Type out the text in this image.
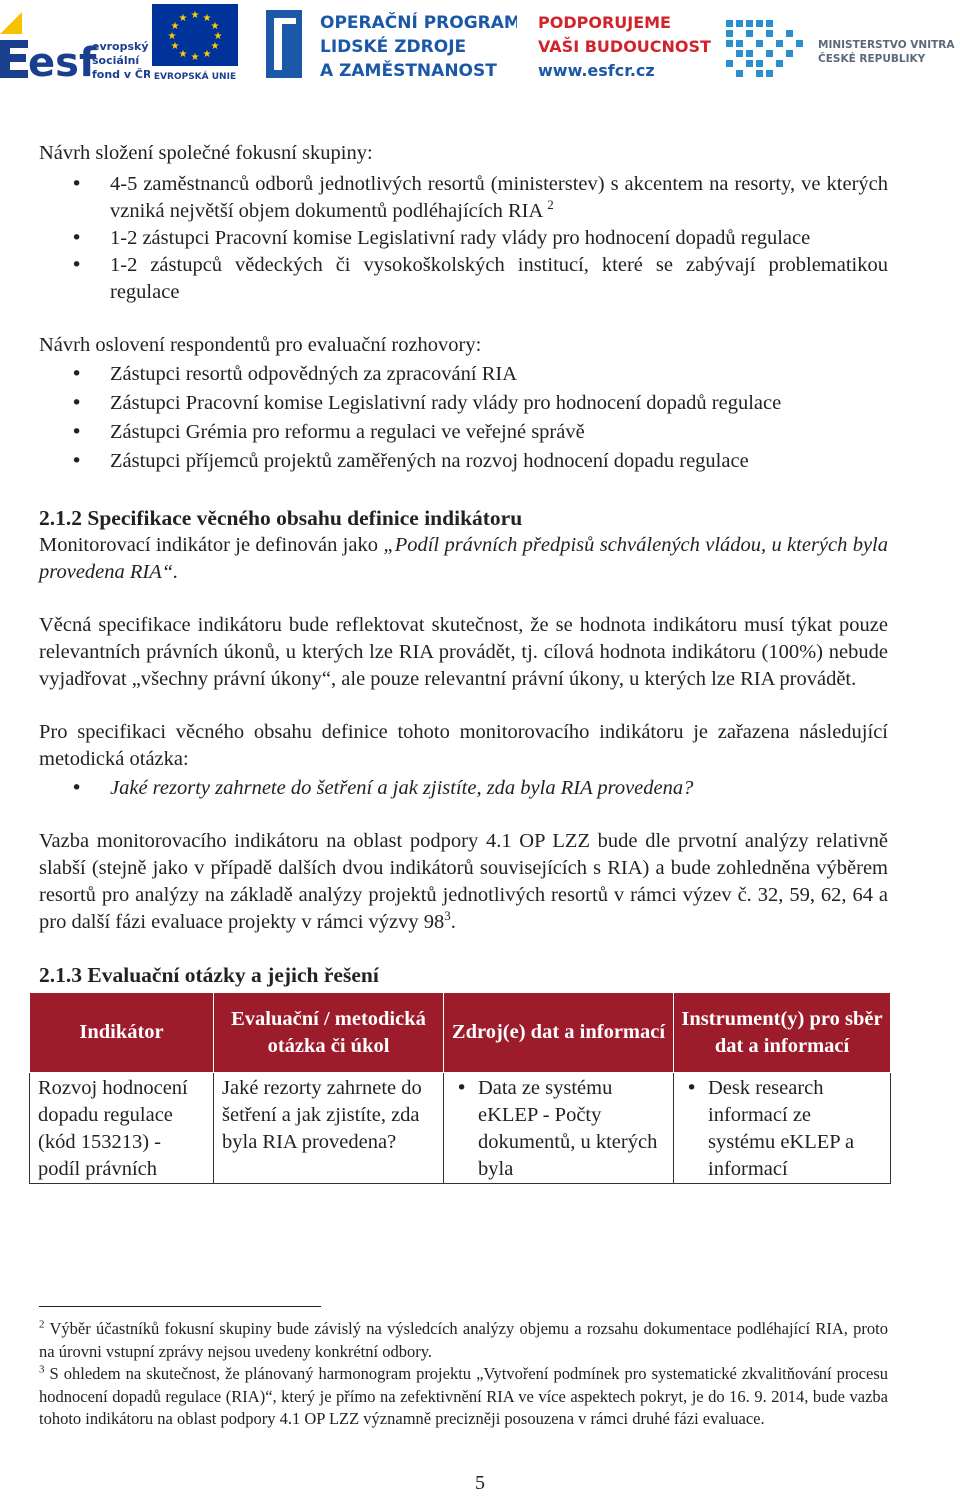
esf
evropský
sociální
fond v ČR
★ ★
★
★
★
★
★
★
★
★
★
★
EVROPSKÁ UNIE
OPERAČNÍ PROGRAM
LIDSKÉ ZDROJE
A ZAMĚSTNANOST
PODPORUJEME
VAŠI BUDOUCNOST
www.esfcr.cz
MINISTERSTVO VNITRA
ČESKÉ REPUBLIKY

Návrh složení společné fokusní skupiny:

• 4-5 zaměstnanců odborů jednotlivých resortů (ministerstev) s akcentem na resorty, ve kterých vzniká největší objem dokumentů podléhajících RIA $^2$
• 1-2 zástupci Pracovní komise Legislativní rady vlády pro hodnocení dopadů regulace
• 1-2 zástupců vědeckých či vysokoškolských institucí, které se zabývají problematikou regulace

Návrh oslovení respondentů pro evaluační rozhovory:

• Zástupci resortů odpovědných za zpracování RIA
• Zástupci Pracovní komise Legislativní rady vlády pro hodnocení dopadů regulace
• Zástupci Grémia pro reformu a regulaci ve veřejné správě
• Zástupci příjemců projektů zaměřených na rozvoj hodnocení dopadu regulace
2.1.2 Specifikace věcného obsahu definice indikátoru

Monitorovací indikátor je definován jako „Podíl právních předpisů schválených vládou, u kterých byla provedena RIA“.

Věcná specifikace indikátoru bude reflektovat skutečnost, že se hodnota indikátoru musí týkat pouze relevantních právních úkonů, u kterých lze RIA provádět, tj. cílová hodnota indikátoru (100%) nebude vyjadřovat „všechny právní úkony“, ale pouze relevantní právní úkony, u kterých lze RIA provádět.

Pro specifikaci věcného obsahu definice tohoto monitorovacího indikátoru je zařazena následující metodická otázka:

• Jaké rezorty zahrnete do šetření a jak zjistíte, zda byla RIA provedena?

Vazba monitorovacího indikátoru na oblast podpory 4.1 OP LZZ bude dle prvotní analýzy relativně slabší (stejně jako v případě dalších dvou indikátorů souvisejících s RIA) a bude zohledněna výběrem resortů pro analýzy na základě analýzy projektů jednotlivých resortů v rámci výzev č. 32, 59, 62, 64 a pro další fázi evaluace projekty v rámci výzvy $98^3$.

2.1.3 Evaluační otázky a jejich řešení
Indikátor	Evaluační / metodická otázka či úkol	Zdroj(e) dat a informací	Instrument(y) pro sběr dat a informací
Rozvoj hodnocení dopadu regulace (kód 153213) - podíl právních	Jaké rezorty zahrnete do šetření a jak zjistíte, zda byla RIA provedena?	• Data ze systému eKLEP - Počty dokumentů, u kterých byla	• Desk research informací ze systému eKLEP a informací

$^2$ Výběr účastníků fokusní skupiny bude závislý na výsledcích analýzy objemu a rozsahu dokumentace podléhající RIA, proto na úrovni vstupní zprávy nejsou uvedeny konkrétní odbory.

$^3$ S ohledem na skutečnost, že plánovaný harmonogram projektu „Vytvoření podmínek pro systematické zkvalitňování procesu hodnocení dopadů regulace (RIA)“, který je přímo na zefektivnění RIA ve více aspektech pokryt, je do 16. 9. 2014, bude vazba tohoto indikátoru na oblast podpory 4.1 OP LZZ významně precizněji posouzena v rámci druhé fázi evaluace.

5
